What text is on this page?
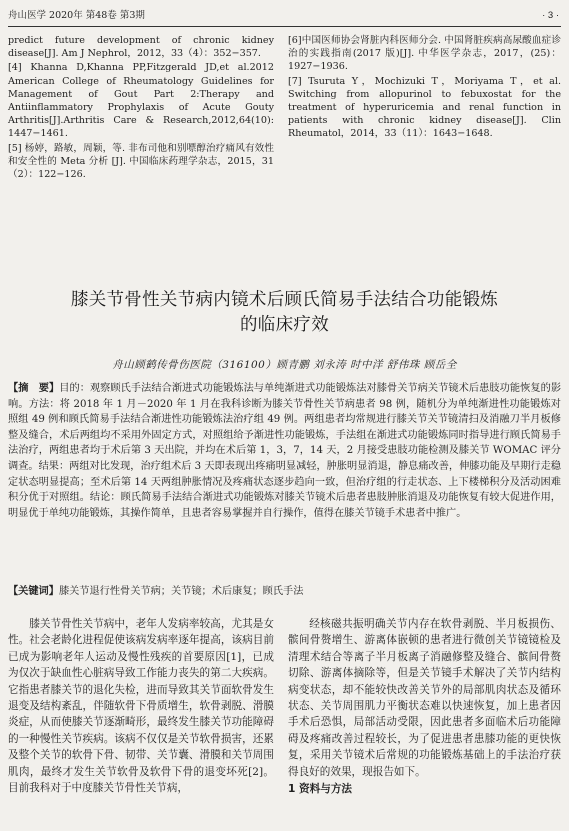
舟山医学 2020年 第48卷 第3期	· 3 ·
predict future development of chronic kidney disease[J]. Am J Nephrol，2012，33（4）：352−357.
[4] Khanna D,Khanna PP,Fitzgerald JD,et al.2012 American College of Rheumatology Guidelines for Management of Gout Part 2:Therapy and Antiinflammatory Prophylaxis of Acute Gouty Arthritis[J].Arthritis Care & Research,2012,64(10): 1447−1461.
[5] 杨婷，路敏，周颖，等. 非布司他和别嘌醇治疗痛风有效性和安全性的 Meta 分析 [J]. 中国临床药理学杂志，2015，31（2）：122−126.
[6]中国医师协会肾脏内科医师分会. 中国肾脏疾病高尿酸血症诊治的实践指南(2017 版)[J]. 中华医学杂志，2017，(25)：1927−1936.
[7] Tsuruta Y，Mochizuki T，Moriyama T，et al. Switching from allopurinol to febuxostat for the treatment of hyperuricemia and renal function in patients with chronic kidney disease[J]. Clin Rheumatol，2014，33（11）：1643−1648.
膝关节骨性关节病内镜术后顾氏简易手法结合功能锻炼
的临床疗效
舟山顾鹤传骨伤医院（316100）顾青鹏 刘永涛 时中洋 舒伟珠 顾岳全
【摘　要】目的：观察顾氏手法结合渐进式功能锻炼法与单纯渐进式功能锻炼法对膝骨关节病关节镜术后患肢功能恢复的影响。方法：将 2018 年 1 月－2020 年 1 月在我科诊断为膝关节骨性关节病患者 98 例，随机分为单纯渐进性功能锻炼对照组 49 例和顾氏简易手法结合渐进性功能锻炼法治疗组 49 例。两组患者均常规进行膝关节关节镜清扫及消融刀半月板修整及缝合，术后两组均不采用外固定方式，对照组给予渐进性功能锻炼，手法组在渐进式功能锻炼同时指导进行顾氏简易手法治疗，两组患者均于术后第 3 天出院，并均在术后第 1，3，7，14 天，2 月接受患肢功能检测及膝关节 WOMAC 评分调查。结果：两组对比发现，治疗组术后 3 天即表现出疼痛明显减轻，肿胀明显消退，静息痛改善，伸膝功能及早期行走稳定状态明显提高；至术后第 14 天两组肿胀情况及疼痛状态逐步趋向一致，但治疗组的行走状态、上下楼梯积分及活动困难积分优于对照组。结论：顾氏简易手法结合渐进式功能锻炼对膝关节镜术后患者患肢肿胀消退及功能恢复有较大促进作用，明显优于单纯功能锻炼，其操作简单，且患者容易掌握并自行操作，值得在膝关节镜手术患者中推广。
【关键词】膝关节退行性骨关节病；关节镜；术后康复；顾氏手法

膝关节骨性关节病中，老年人发病率较高，尤其是女性。社会老龄化进程促使该病发病率逐年提高，该病目前已成为影响老年人运动及慢性残疾的首要原因[1]，已成为仅次于缺血性心脏病导致工作能力丧失的第二大疾病。它指患者膝关节的退化失检，进而导致其关节面软骨发生退变及结构紊乱，伴随软骨下骨质增生，软骨剥脱、滑膜炎症，从而使膝关节逐渐畸形，最终发生膝关节功能障碍的一种慢性关节疾病。该病不仅仅是关节软骨损害，还累及整个关节的软骨下骨、韧带、关节囊、滑膜和关节周围肌肉，最终才发生关节软骨及软骨下骨的退变坏死[2]。目前我科对于中度膝关节骨性关节病，

经核磁共振明确关节内存在软骨剥脱、半月板损伤、髌间骨赘增生、游离体嵌顿的患者进行微创关节镜镜检及清理术结合等离子半月板离子消融修整及缝合、髌间骨赘切除、游离体摘除等，但是关节镜手术解决了关节内结构病变状态，却不能较快改善关节外的局部肌肉状态及循环状态、关节周围肌力平衡状态难以快速恢复，加上患者因手术后恐惧，局部活动受限，因此患者多面临术后功能障碍及疼痛改善过程较长，为了促进患者患膝功能的更快恢复，采用关节镜术后常规的功能锻炼基础上的手法治疗获得良好的效果，现报告如下。

1 资料与方法
